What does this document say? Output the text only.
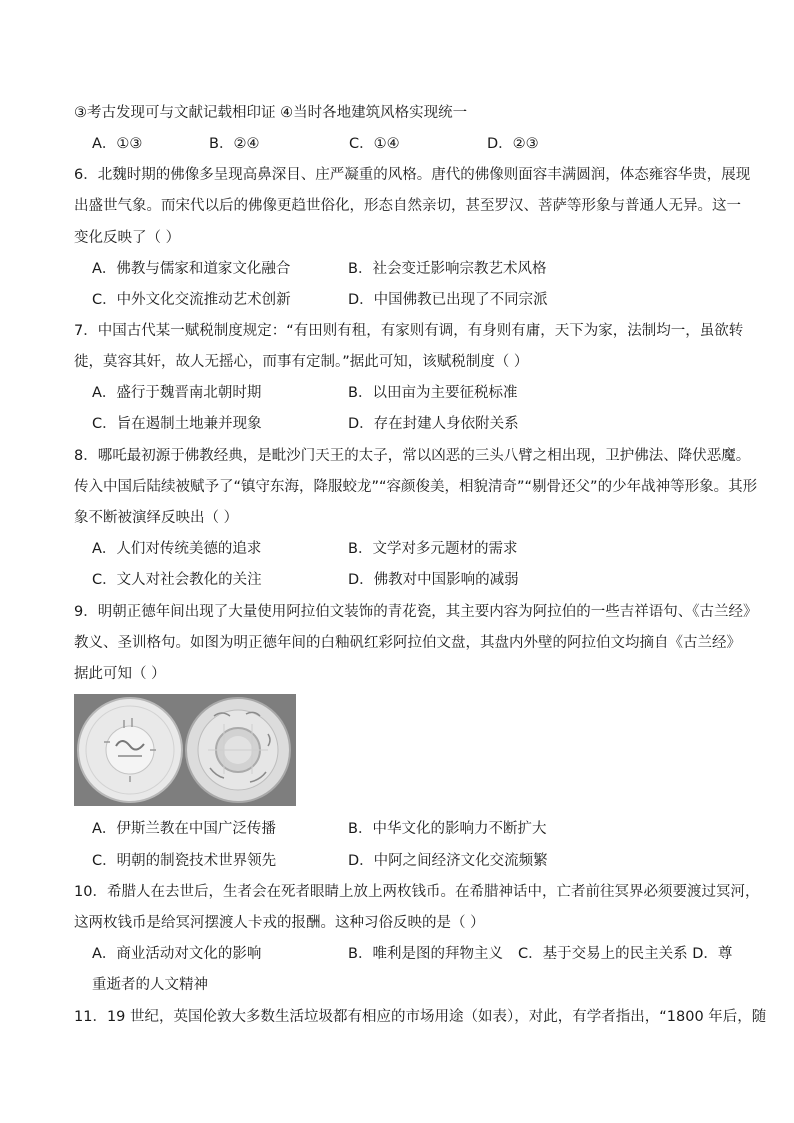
③考古发现可与文献记载相印证 ④当时各地建筑风格实现统一
A．①③	B．②④	C．①④	D．②③
6．北魏时期的佛像多呈现高鼻深目、庄严凝重的风格。唐代的佛像则面容丰满圆润，体态雍容华贵，展现
出盛世气象。而宋代以后的佛像更趋世俗化，形态自然亲切，甚至罗汉、菩萨等形象与普通人无异。这一
变化反映了（ ）
A．佛教与儒家和道家文化融合	B．社会变迁影响宗教艺术风格
C．中外文化交流推动艺术创新	D．中国佛教已出现了不同宗派
7．中国古代某一赋税制度规定：“有田则有租，有家则有调，有身则有庸，天下为家，法制均一，虽欲转
徙，莫容其奸，故人无摇心，而事有定制。”据此可知，该赋税制度（ ）
A．盛行于魏晋南北朝时期	B．以田亩为主要征税标准
C．旨在遏制土地兼并现象	D．存在封建人身依附关系
8．哪吒最初源于佛教经典，是毗沙门天王的太子，常以凶恶的三头八臂之相出现，卫护佛法、降伏恶魔。
传入中国后陆续被赋予了“镇守东海，降服蛟龙”“容颜俊美，相貌清奇”“剔骨还父”的少年战神等形象。其形
象不断被演绎反映出（ ）
A．人们对传统美德的追求	B．文学对多元题材的需求
C．文人对社会教化的关注	D．佛教对中国影响的减弱
9．明朝正德年间出现了大量使用阿拉伯文装饰的青花瓷，其主要内容为阿拉伯的一些吉祥语句、《古兰经》
教义、圣训格句。如图为明正德年间的白釉矾红彩阿拉伯文盘，其盘内外壁的阿拉伯文均摘自《古兰经》
据此可知（ ）
A．伊斯兰教在中国广泛传播	B．中华文化的影响力不断扩大
C．明朝的制瓷技术世界领先	D．中阿之间经济文化交流频繁
10．希腊人在去世后，生者会在死者眼睛上放上两枚钱币。在希腊神话中，亡者前往冥界必须要渡过冥河，
这两枚钱币是给冥河摆渡人卡戎的报酬。这种习俗反映的是（ ）
A．商业活动对文化的影响	B．唯利是图的拜物主义 C．基于交易上的民主关系 D．尊
重逝者的人文精神
11．19 世纪，英国伦敦大多数生活垃圾都有相应的市场用途（如表），对此，有学者指出，“1800 年后，随
